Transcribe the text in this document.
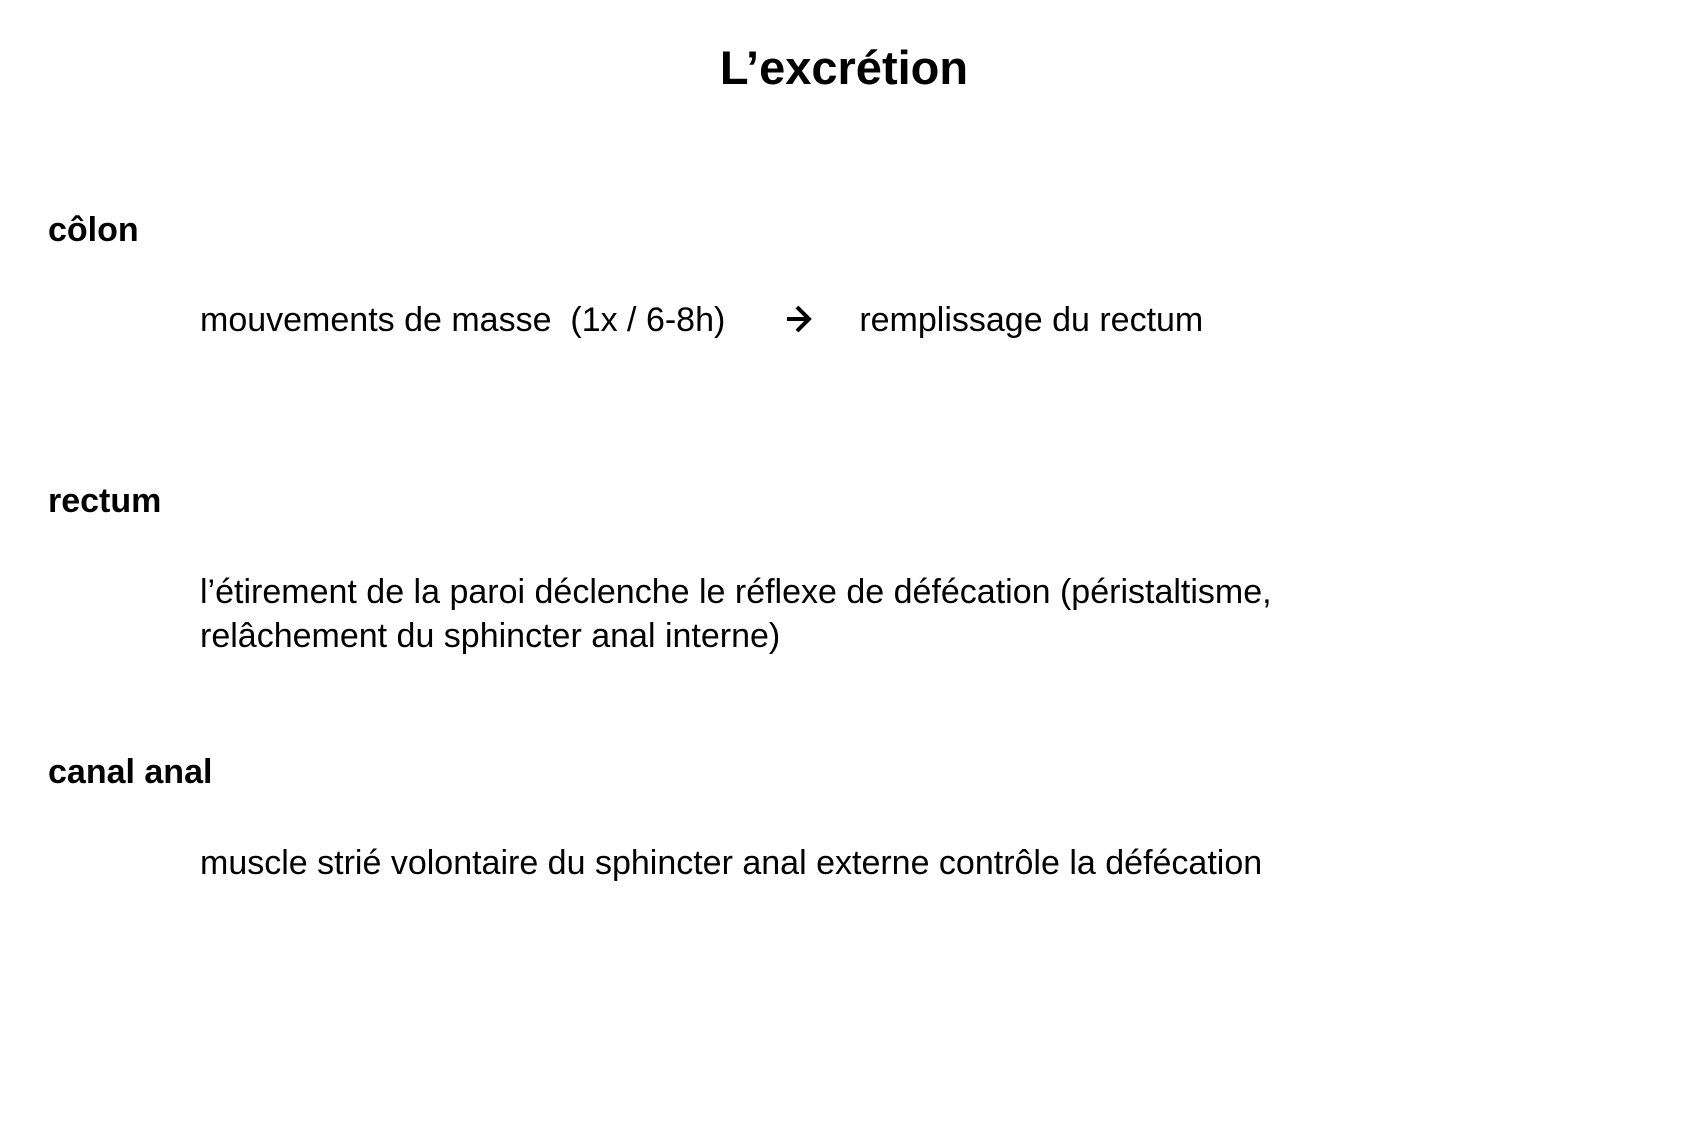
L’excrétion
côlon
mouvements de masse  (1x / 6-8h)	remplissage du rectum
rectum
l’étirement de la paroi déclenche le réflexe de défécation (péristaltisme,
relâchement du sphincter anal interne)
canal anal
muscle strié volontaire du sphincter anal externe contrôle la défécation
